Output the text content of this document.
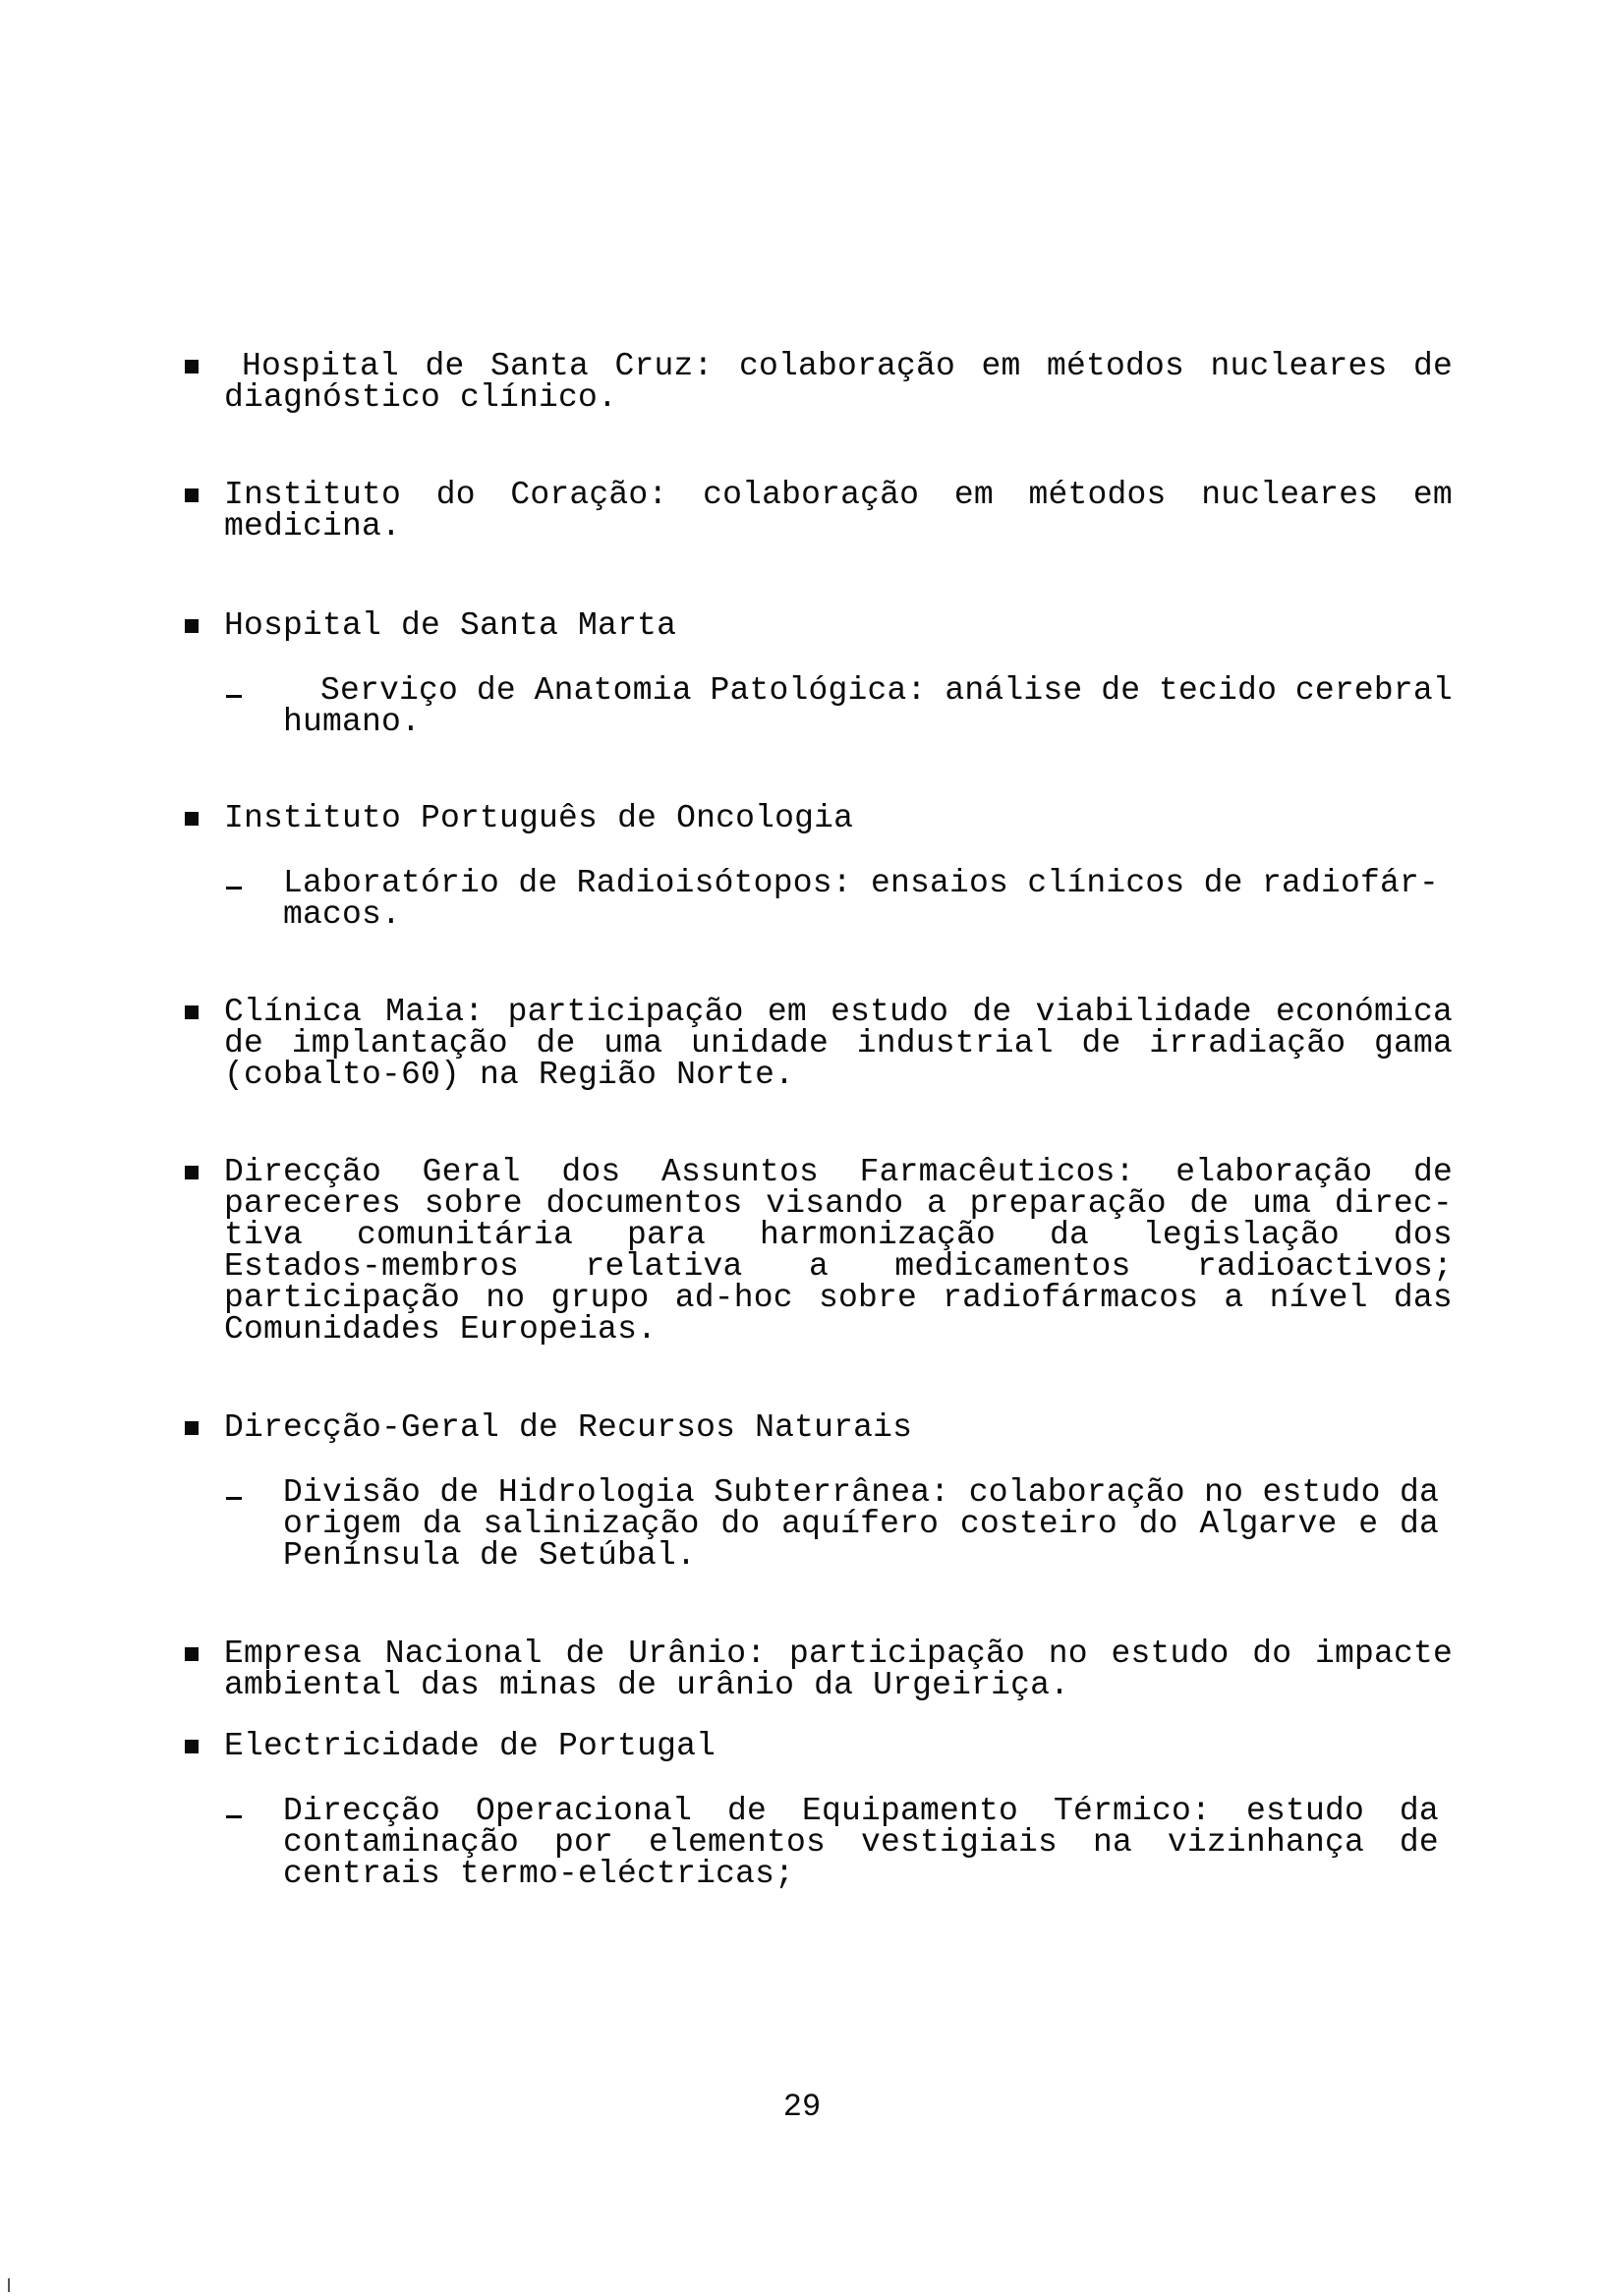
Hospital de Santa Cruz: colaboração em métodos nucleares de
diagnóstico clínico.
Instituto do Coração: colaboração em métodos nucleares em
medicina.
Hospital de Santa Marta
Serviço de Anatomia Patológica: análise de tecido cerebral
humano.
Instituto Português de Oncologia
Laboratório de Radioisótopos: ensaios clínicos de radiofár-
macos.
Clínica Maia: participação em estudo de viabilidade económica
de implantação de uma unidade industrial de irradiação gama
(cobalto-60) na Região Norte.
Direcção Geral dos Assuntos Farmacêuticos: elaboração de
pareceres sobre documentos visando a preparação de uma direc-
tiva comunitária para harmonização da legislação dos
Estados-membros relativa a medicamentos radioactivos;
participação no grupo ad-hoc sobre radiofármacos a nível das
Comunidades Europeias.
Direcção-Geral de Recursos Naturais
Divisão de Hidrologia Subterrânea: colaboração no estudo da
origem da salinização do aquífero costeiro do Algarve e da
Península de Setúbal.
Empresa Nacional de Urânio: participação no estudo do impacte
ambiental das minas de urânio da Urgeiriça.
Electricidade de Portugal
Direcção Operacional de Equipamento Térmico: estudo da
contaminação por elementos vestigiais na vizinhança de
centrais termo-eléctricas;
29
